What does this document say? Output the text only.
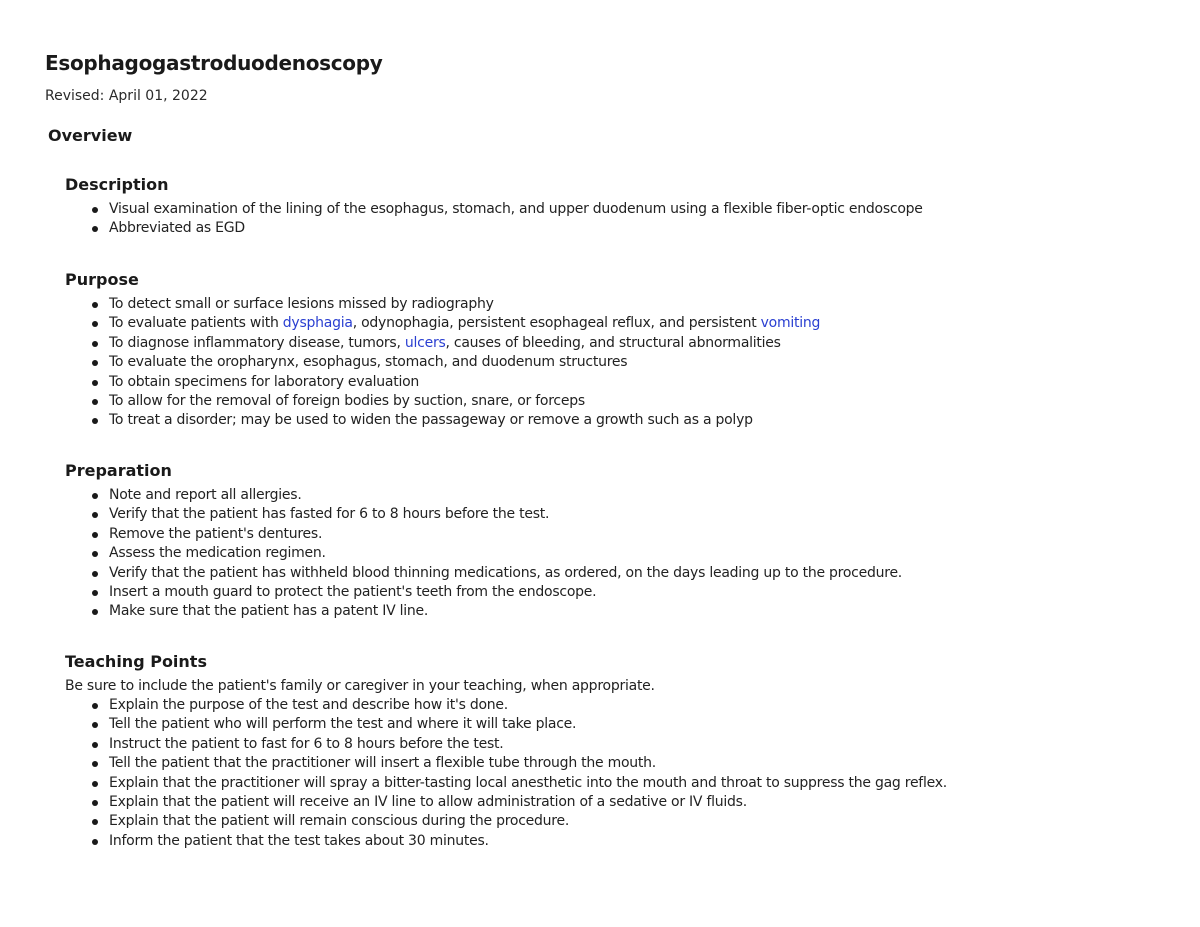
Esophagogastroduodenoscopy

Revised: April 01, 2022

Overview
Description
Visual examination of the lining of the esophagus, stomach, and upper duodenum using a flexible fiber-optic endoscope
Abbreviated as EGD
Purpose
To detect small or surface lesions missed by radiography
To evaluate patients with dysphagia, odynophagia, persistent esophageal reflux, and persistent vomiting
To diagnose inflammatory disease, tumors, ulcers, causes of bleeding, and structural abnormalities
To evaluate the oropharynx, esophagus, stomach, and duodenum structures
To obtain specimens for laboratory evaluation
To allow for the removal of foreign bodies by suction, snare, or forceps
To treat a disorder; may be used to widen the passageway or remove a growth such as a polyp
Preparation
Note and report all allergies.
Verify that the patient has fasted for 6 to 8 hours before the test.
Remove the patient's dentures.
Assess the medication regimen.
Verify that the patient has withheld blood thinning medications, as ordered, on the days leading up to the procedure.
Insert a mouth guard to protect the patient's teeth from the endoscope.
Make sure that the patient has a patent IV line.
Teaching Points

Be sure to include the patient's family or caregiver in your teaching, when appropriate.

Explain the purpose of the test and describe how it's done.
Tell the patient who will perform the test and where it will take place.
Instruct the patient to fast for 6 to 8 hours before the test.
Tell the patient that the practitioner will insert a flexible tube through the mouth.
Explain that the practitioner will spray a bitter-tasting local anesthetic into the mouth and throat to suppress the gag reflex.
Explain that the patient will receive an IV line to allow administration of a sedative or IV fluids.
Explain that the patient will remain conscious during the procedure.
Inform the patient that the test takes about 30 minutes.
